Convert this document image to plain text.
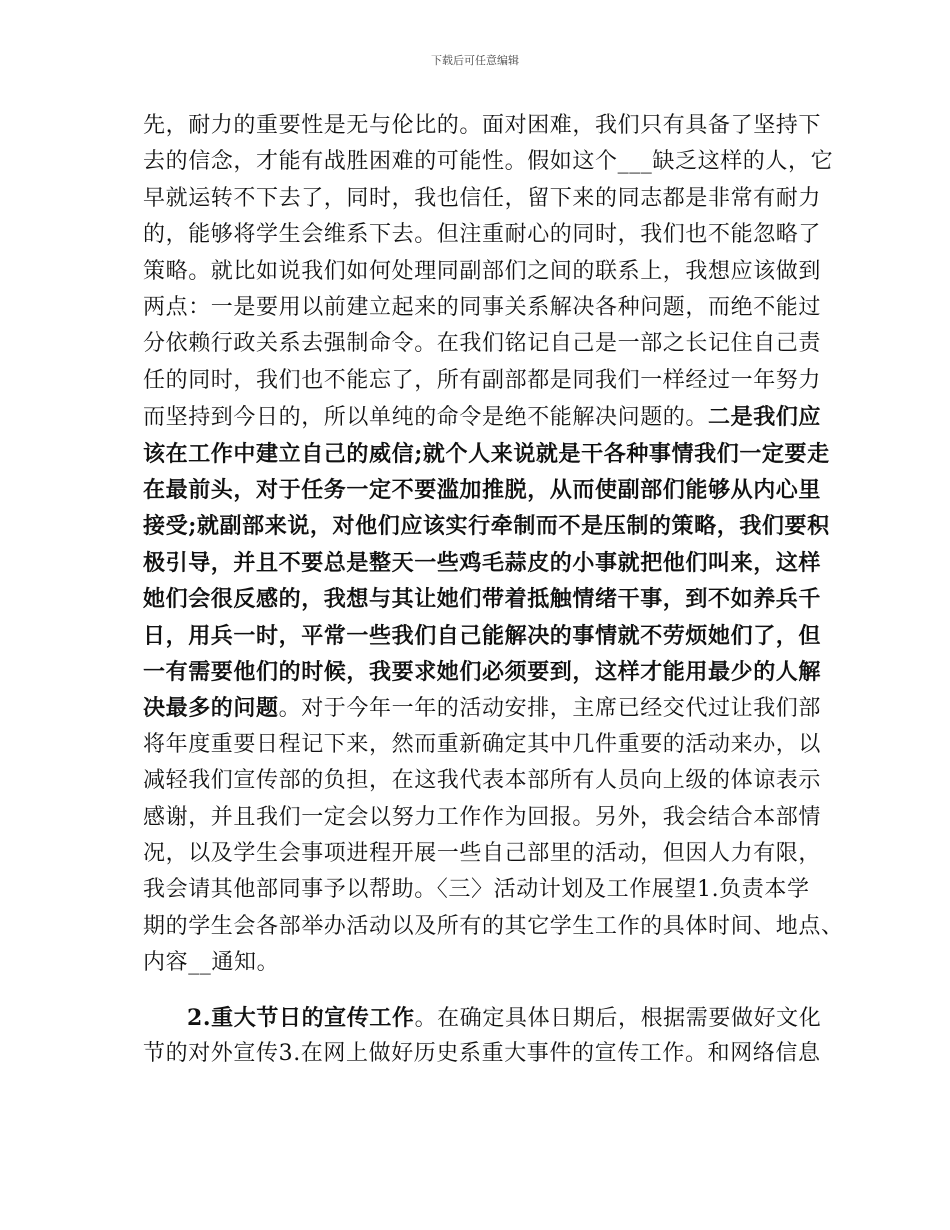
下载后可任意编辑
先，耐力的重要性是无与伦比的。面对困难，我们只有具备了坚持下
去的信念，才能有战胜困难的可能性。假如这个___缺乏这样的人，它
早就运转不下去了，同时，我也信任，留下来的同志都是非常有耐力
的，能够将学生会维系下去。但注重耐心的同时，我们也不能忽略了
策略。就比如说我们如何处理同副部们之间的联系上，我想应该做到
两点：一是要用以前建立起来的同事关系解决各种问题，而绝不能过
分依赖行政关系去强制命令。在我们铭记自己是一部之长记住自己责
任的同时，我们也不能忘了，所有副部都是同我们一样经过一年努力
而坚持到今日的，所以单纯的命令是绝不能解决问题的。二是我们应
该在工作中建立自己的威信;就个人来说就是干各种事情我们一定要走
在最前头，对于任务一定不要滥加推脱，从而使副部们能够从内心里
接受;就副部来说，对他们应该实行牵制而不是压制的策略，我们要积
极引导，并且不要总是整天一些鸡毛蒜皮的小事就把他们叫来，这样
她们会很反感的，我想与其让她们带着抵触情绪干事，到不如养兵千
日，用兵一时，平常一些我们自己能解决的事情就不劳烦她们了，但
一有需要他们的时候，我要求她们必须要到，这样才能用最少的人解
决最多的问题。对于今年一年的活动安排，主席已经交代过让我们部
将年度重要日程记下来，然而重新确定其中几件重要的活动来办，以
减轻我们宣传部的负担，在这我代表本部所有人员向上级的体谅表示
感谢，并且我们一定会以努力工作作为回报。另外，我会结合本部情
况，以及学生会事项进程开展一些自己部里的活动，但因人力有限，
我会请其他部同事予以帮助。〈三〉活动计划及工作展望1.负责本学
期的学生会各部举办活动以及所有的其它学生工作的具体时间、地点、
内容__通知。
2.重大节日的宣传工作。在确定具体日期后，根据需要做好文化
节的对外宣传3.在网上做好历史系重大事件的宣传工作。和网络信息
